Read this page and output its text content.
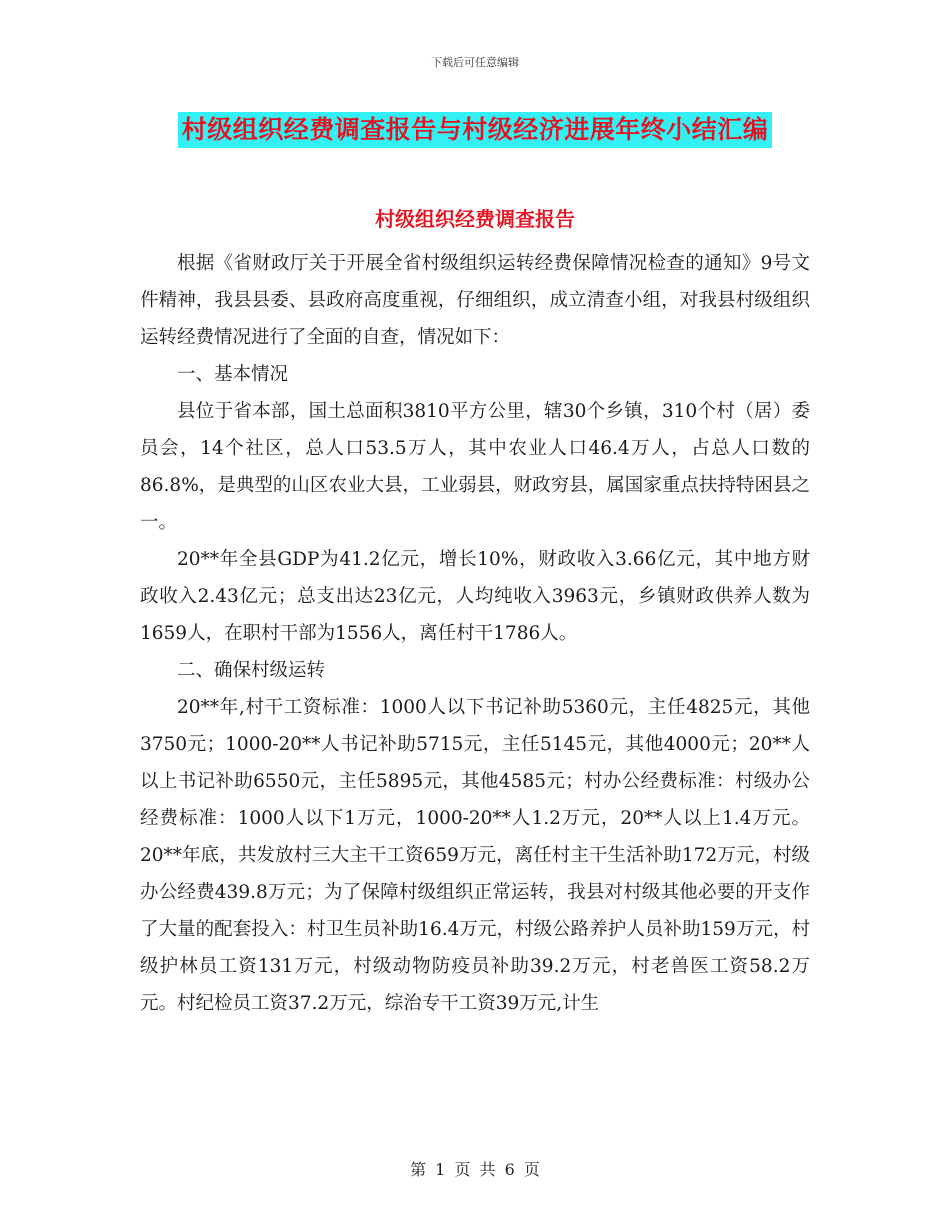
下载后可任意编辑
村级组织经费调查报告与村级经济进展年终小结汇编
村级组织经费调查报告

根据《省财政厅关于开展全省村级组织运转经费保障情况检查的通知》9号文件精神，我县县委、县政府高度重视，仔细组织，成立清查小组，对我县村级组织运转经费情况进行了全面的自查，情况如下：

一、基本情况

县位于省本部，国土总面积3810平方公里，辖30个乡镇，310个村（居）委员会，14个社区，总人口53.5万人，其中农业人口46.4万人，占总人口数的86.8%，是典型的山区农业大县，工业弱县，财政穷县，属国家重点扶持特困县之一。

20**年全县GDP为41.2亿元，增长10%，财政收入3.66亿元，其中地方财政收入2.43亿元；总支出达23亿元，人均纯收入3963元，乡镇财政供养人数为1659人，在职村干部为1556人，离任村干1786人。

二、确保村级运转

20**年,村干工资标准：1000人以下书记补助5360元，主任4825元，其他3750元；1000-20**人书记补助5715元，主任5145元，其他4000元；20**人以上书记补助6550元，主任5895元，其他4585元；村办公经费标准：村级办公经费标准：1000人以下1万元，1000-20**人1.2万元，20**人以上1.4万元。20**年底，共发放村三大主干工资659万元，离任村主干生活补助172万元，村级办公经费439.8万元；为了保障村级组织正常运转，我县对村级其他必要的开支作了大量的配套投入：村卫生员补助16.4万元，村级公路养护人员补助159万元，村级护林员工资131万元，村级动物防疫员补助39.2万元，村老兽医工资58.2万元。村纪检员工资37.2万元，综治专干工资39万元,计生

第 1 页 共 6 页
